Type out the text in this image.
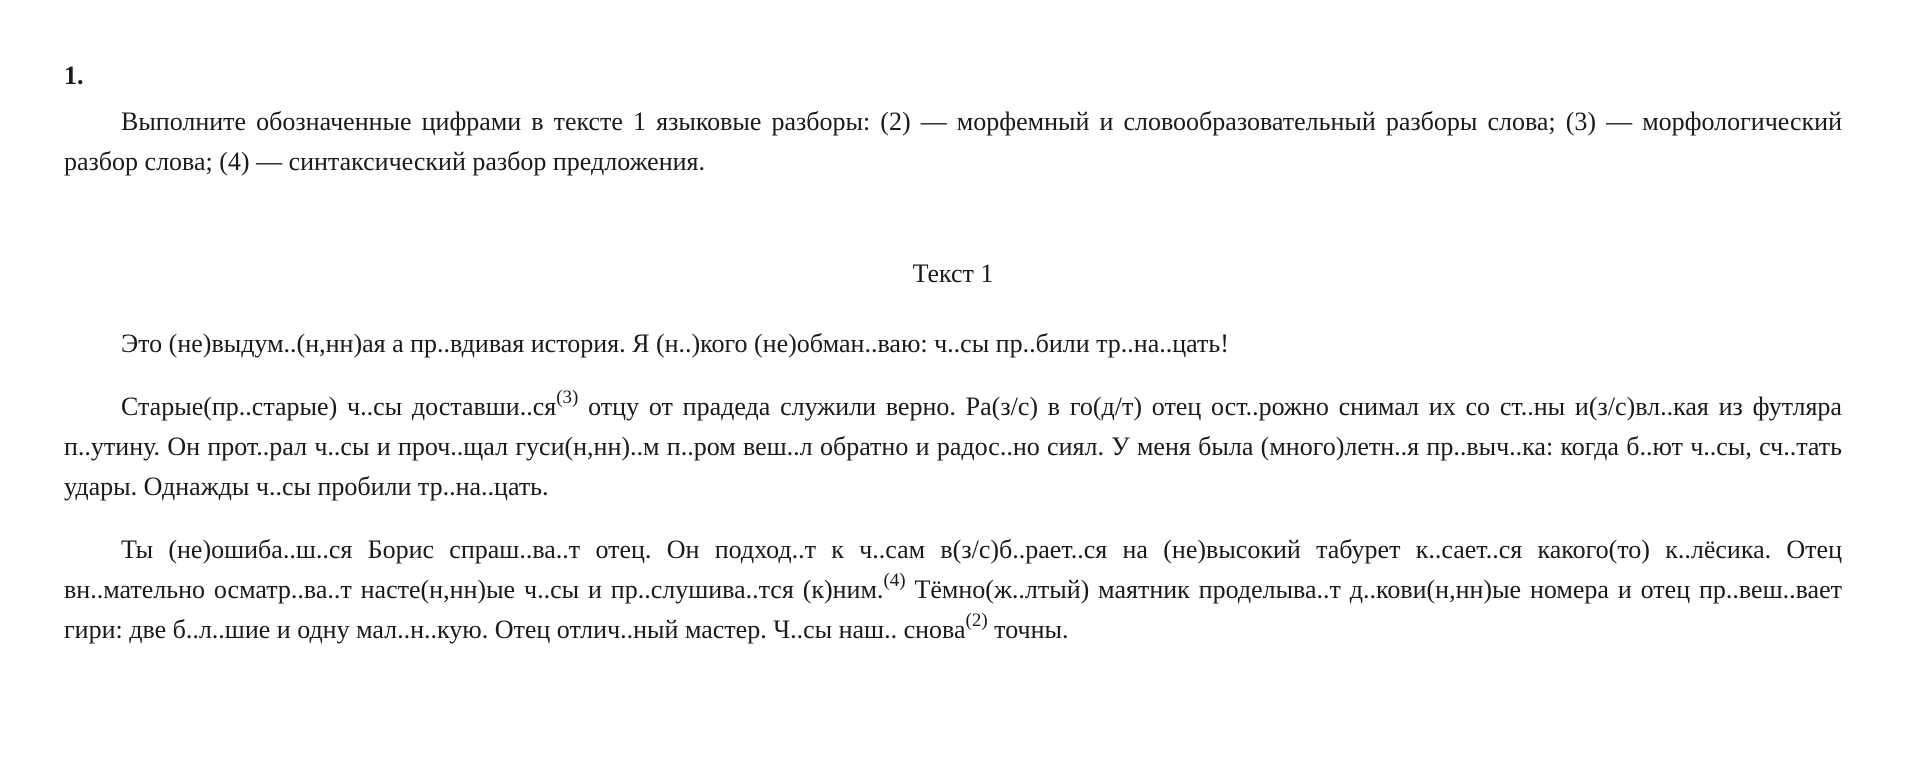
1.

Выполните обозначенные цифрами в тексте 1 языковые разборы: (2) — морфемный и словообразовательный разборы слова; (3) — морфологический разбор слова; (4) — синтаксический разбор предложения.

Текст 1

Это (не)выдум..(н,нн)ая а пр..вдивая история. Я (н..)кого (не)обман..ваю: ч..сы пр..били тр..на..цать!

Старые(пр..старые) ч..сы $доставши..ся^{(3)}$ отцу от прадеда служили верно. Ра(з/с) в го(д/т) отец ост..рожно снимал их со ст..ны и(з/с)вл..кая из футляра п..утину. Он прот..рал ч..сы и проч..щал гуси(н,нн)..м п..ром веш..л обратно и радос..но сиял. У меня была (много)летн..я пр..выч..ка: когда б..ют ч..сы, сч..тать удары. Однажды ч..сы пробили тр..на..цать.

Ты (не)ошиба..ш..ся Борис спраш..ва..т отец. Он подход..т к ч..сам в(з/с)б..рает..ся на (не)высокий табурет к..сает..ся какого(то) к..лёсика. Отец вн..мательно осматр..ва..т насте(н,нн)ые ч..сы и пр..слушива..тся (к)ним.$^{(4)}$ Тёмно(ж..лтый) маятник проделыва..т д..кови(н,нн)ые номера и отец пр..веш..вает гири: две б..л..шие и одну мал..н..кую. Отец отлич..ный мастер. Ч..сы наш.. снова$^{(2)}$ точны.
